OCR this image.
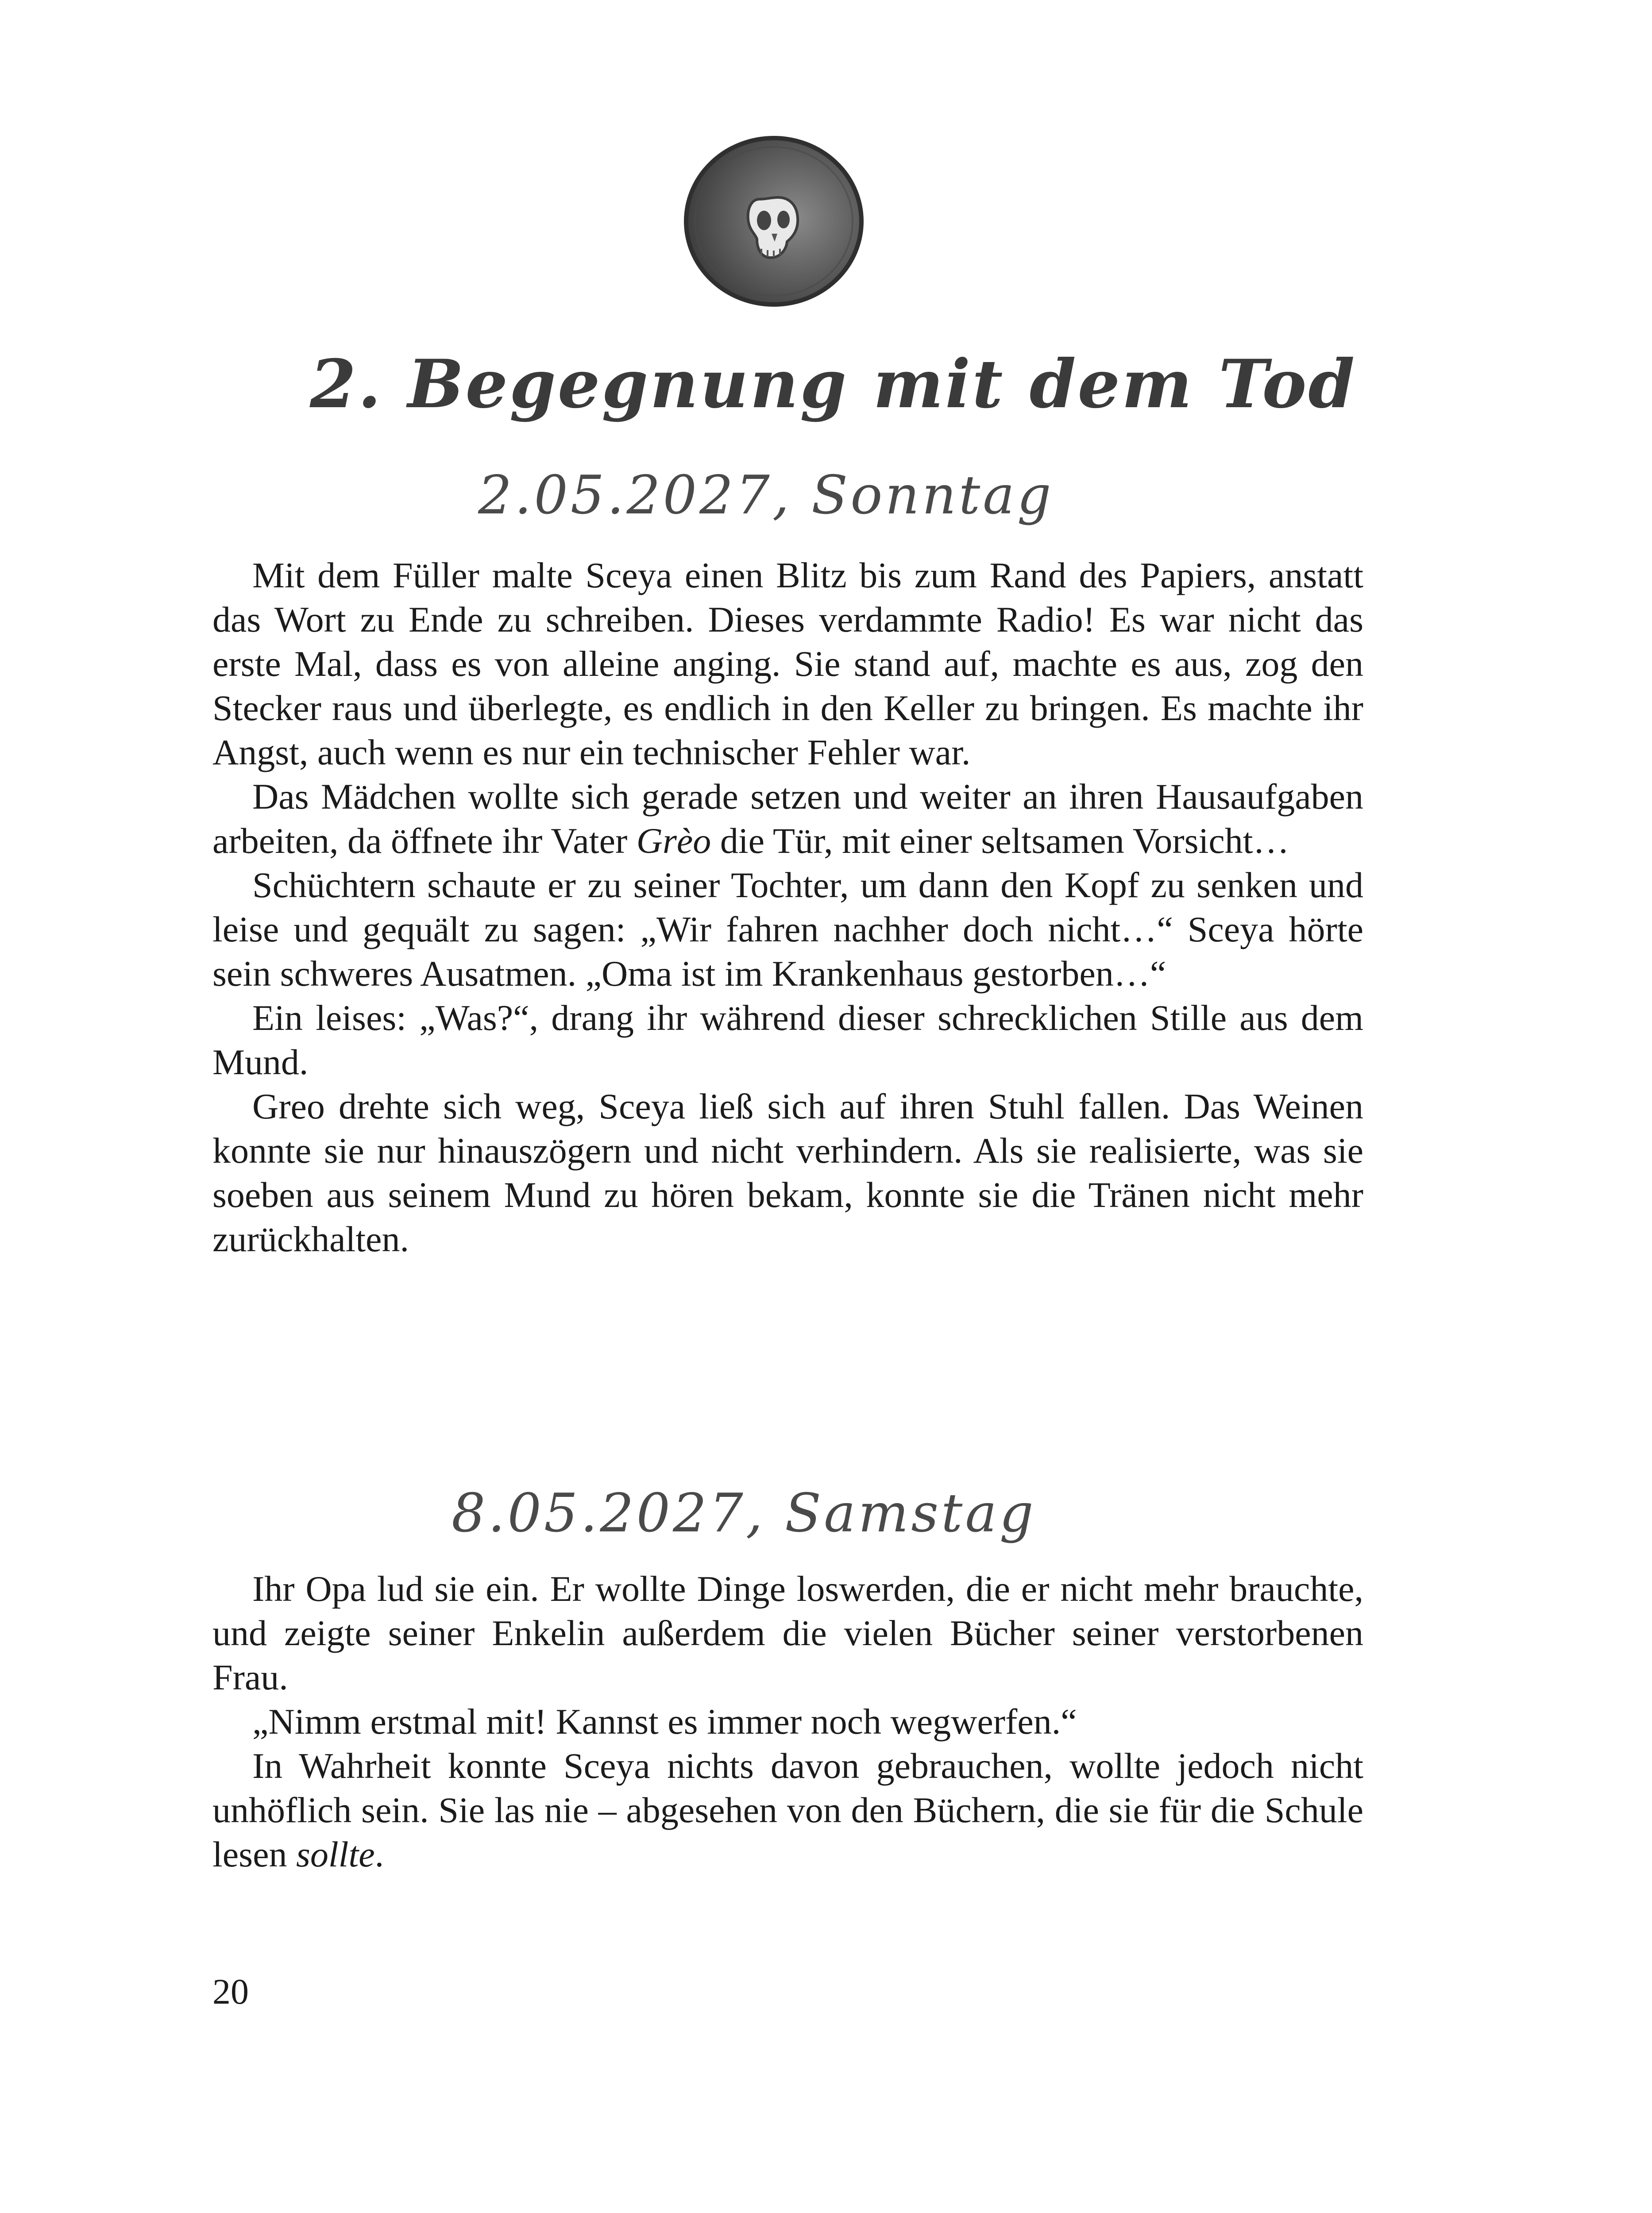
2. Begegnung mit dem Tod
2.05.2027, Sonntag

Mit dem Füller malte Sceya einen Blitz bis zum Rand des Papiers, anstatt das Wort zu Ende zu schreiben. Dieses verdammte Radio! Es war nicht das erste Mal, dass es von alleine anging. Sie stand auf, machte es aus, zog den Stecker raus und überlegte, es endlich in den Keller zu bringen. Es machte ihr Angst, auch wenn es nur ein technischer Fehler war.

Das Mädchen wollte sich gerade setzen und weiter an ihren Hausaufgaben arbeiten, da öffnete ihr Vater Grèo die Tür, mit einer seltsamen Vorsicht…

Schüchtern schaute er zu seiner Tochter, um dann den Kopf zu senken und leise und gequält zu sagen: „Wir fahren nachher doch nicht…“ Sceya hörte sein schweres Ausatmen. „Oma ist im Krankenhaus gestorben…“

Ein leises: „Was?“, drang ihr während dieser schrecklichen Stille aus dem Mund.

Greo drehte sich weg, Sceya ließ sich auf ihren Stuhl fallen. Das Weinen konnte sie nur hinauszögern und nicht verhindern. Als sie realisierte, was sie soeben aus seinem Mund zu hören bekam, konnte sie die Tränen nicht mehr zurückhalten.

8.05.2027, Samstag

Ihr Opa lud sie ein. Er wollte Dinge loswerden, die er nicht mehr brauchte, und zeigte seiner Enkelin außerdem die vielen Bücher seiner verstorbenen Frau.

„Nimm erstmal mit! Kannst es immer noch wegwerfen.“

In Wahrheit konnte Sceya nichts davon gebrauchen, wollte jedoch nicht unhöflich sein. Sie las nie – abgesehen von den Büchern, die sie für die Schule lesen sollte.

20
